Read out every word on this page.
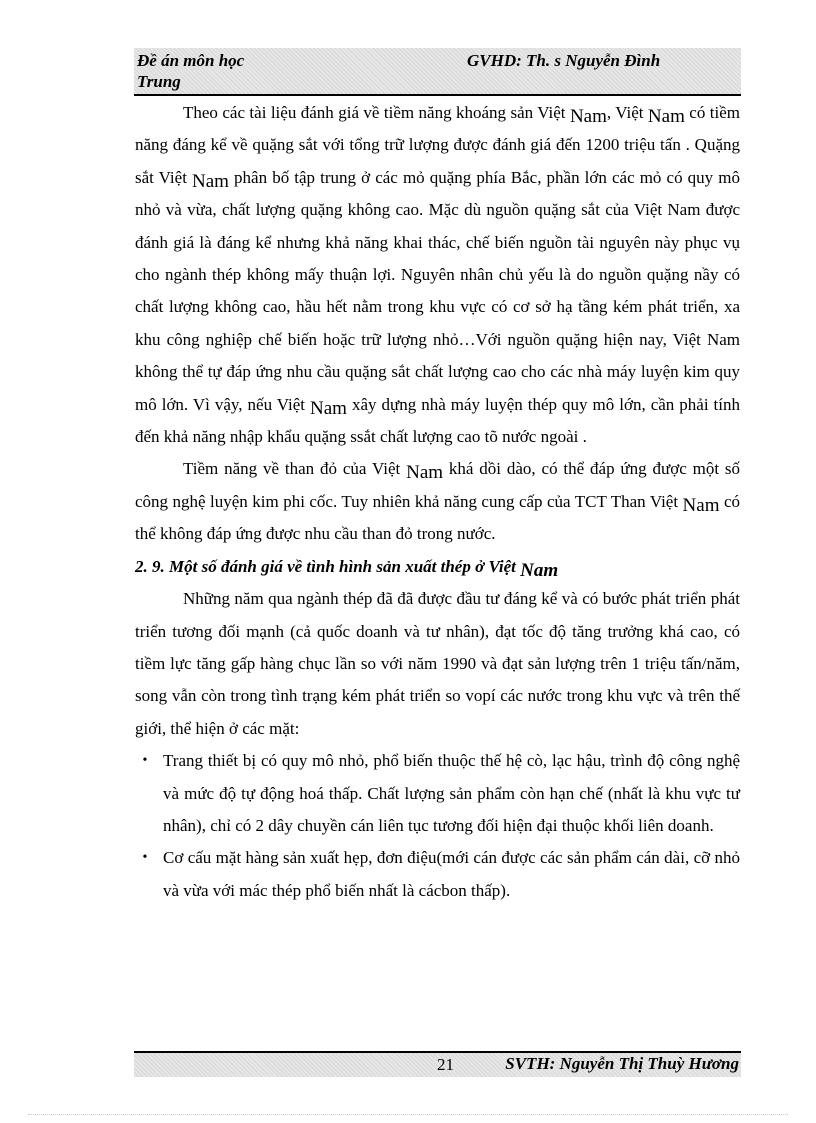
Đề án môn học Trung
GVHD: Th. s Nguyễn Đình

Theo các tài liệu đánh giá về tiềm năng khoáng sản Việt Nam, Việt Nam có tiềm năng đáng kể về quặng sắt với tổng trữ lượng được đánh giá đến 1200 triệu tấn . Quặng sắt Việt Nam phân bố tập trung ở các mỏ quặng phía Bắc, phần lớn các mỏ có quy mô nhỏ và vừa, chất lượng quặng không cao. Mặc dù nguồn quặng sắt của Việt Nam được đánh giá là đáng kể nhưng khả năng khai thác, chế biến nguồn tài nguyên này phục vụ cho ngành thép không mấy thuận lợi. Nguyên nhân chủ yếu là do nguồn quặng nầy có chất lượng không cao, hầu hết nằm trong khu vực có cơ sở hạ tầng kém phát triển, xa khu công nghiệp chế biến hoặc trữ lượng nhỏ…Với nguồn quặng hiện nay, Việt Nam không thể tự đáp ứng nhu cầu quặng sắt chất lượng cao cho các nhà máy luyện kim quy mô lớn. Vì vậy, nếu Việt Nam xây dựng nhà máy luyện thép quy mô lớn, cần phải tính đến khả năng nhập khẩu quặng ssắt chất lượng cao tõ nước ngoài .

Tiềm năng về than đỏ của Việt Nam khá dồi dào, có thể đáp ứng được một số công nghệ luyện kim phi cốc. Tuy nhiên khả năng cung cấp của TCT Than Việt Nam có thể không đáp ứng được nhu cầu than đỏ trong nước.

2. 9. Một số đánh giá về tình hình sản xuất thép ở Việt Nam

Những năm qua ngành thép đã đã được đầu tư đáng kể và có bước phát triển phát triển tương đối mạnh (cả quốc doanh và tư nhân), đạt tốc độ tăng trưởng khá cao, có tiềm lực tăng gấp hàng chục lần so với năm 1990 và đạt sản lượng trên 1 triệu tấn/năm, song vẫn còn trong tình trạng kém phát triển so vopí các nước trong khu vực và trên thế giới, thể hiện ở các mặt:

• Trang thiết bị có quy mô nhỏ, phổ biến thuộc thế hệ cò, lạc hậu, trình độ công nghệ và mức độ tự động hoá thấp. Chất lượng sản phẩm còn hạn chế (nhất là khu vực tư nhân), chỉ có 2 dây chuyền cán liên tục tương đối hiện đại thuộc khối liên doanh.

• Cơ cấu mặt hàng sản xuất hẹp, đơn điệu(mới cán được các sản phẩm cán dài, cỡ nhỏ và vừa với mác thép phổ biến nhất là cácbon thấp).

21	SVTH: Nguyễn Thị Thuỳ Hương
